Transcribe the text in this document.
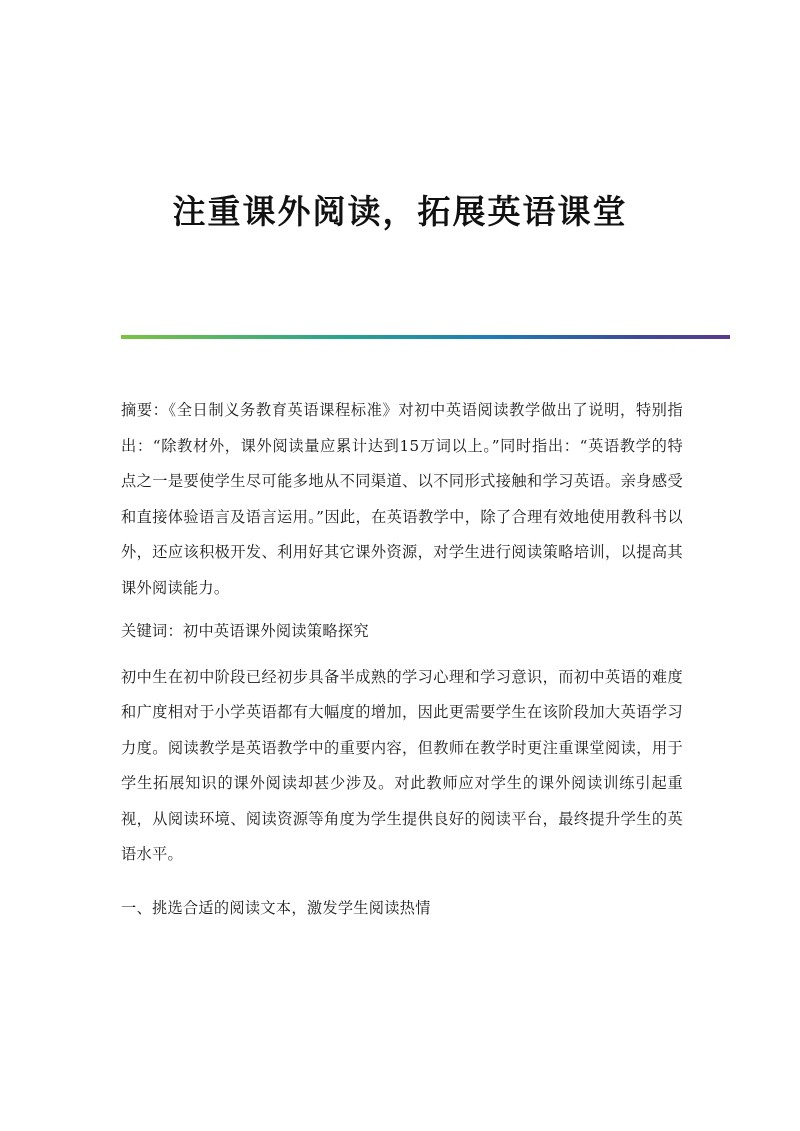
注重课外阅读，拓展英语课堂

摘要：《全日制义务教育英语课程标准》对初中英语阅读教学做出了说明，特别指出：“除教材外，课外阅读量应累计达到15万词以上。”同时指出：“英语教学的特点之一是要使学生尽可能多地从不同渠道、以不同形式接触和学习英语。亲身感受和直接体验语言及语言运用。”因此，在英语教学中，除了合理有效地使用教科书以外，还应该积极开发、利用好其它课外资源，对学生进行阅读策略培训，以提高其课外阅读能力。

关键词：初中英语课外阅读策略探究

初中生在初中阶段已经初步具备半成熟的学习心理和学习意识，而初中英语的难度和广度相对于小学英语都有大幅度的增加，因此更需要学生在该阶段加大英语学习力度。阅读教学是英语教学中的重要内容，但教师在教学时更注重课堂阅读，用于学生拓展知识的课外阅读却甚少涉及。对此教师应对学生的课外阅读训练引起重视，从阅读环境、阅读资源等角度为学生提供良好的阅读平台，最终提升学生的英语水平。

一、挑选合适的阅读文本，激发学生阅读热情
